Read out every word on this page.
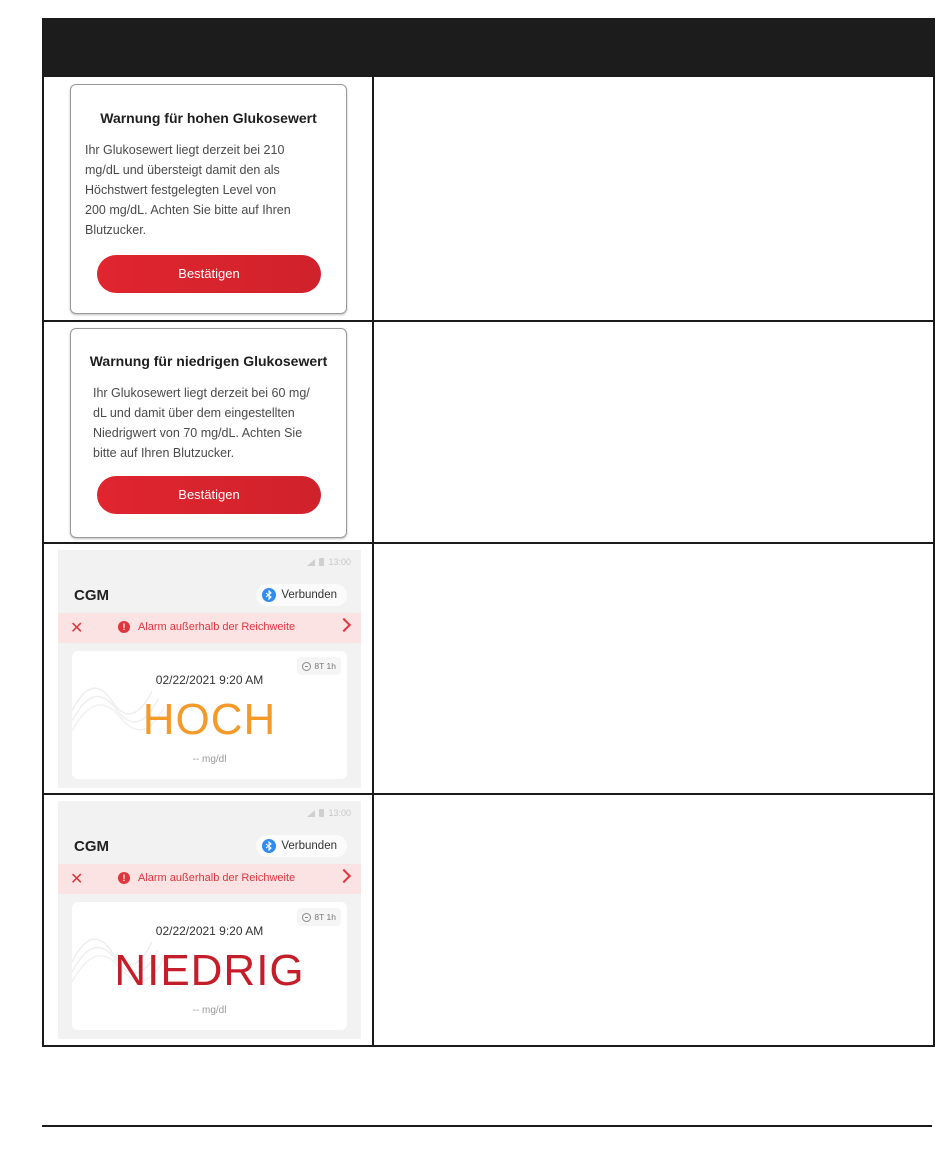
Warnung für hohen Glukosewert
Ihr Glukosewert liegt derzeit bei 210
mg/dL und übersteigt damit den als
Höchstwert festgelegten Level von
200 mg/dL. Achten Sie bitte auf Ihren
Blutzucker.
Bestätigen
Warnung für niedrigen Glukosewert
Ihr Glukosewert liegt derzeit bei 60 mg/
dL und damit über dem eingestellten
Niedrigwert von 70 mg/dL. Achten Sie
bitte auf Ihren Blutzucker.
Bestätigen
13:00
CGM	Verbunden
✕	!	Alarm außerhalb der Reichweite
8T 1h
02/22/2021 9:20 AM
HOCH
-- mg/dl
13:00
CGM	Verbunden
✕	!	Alarm außerhalb der Reichweite
8T 1h
02/22/2021 9:20 AM
NIEDRIG
-- mg/dl
